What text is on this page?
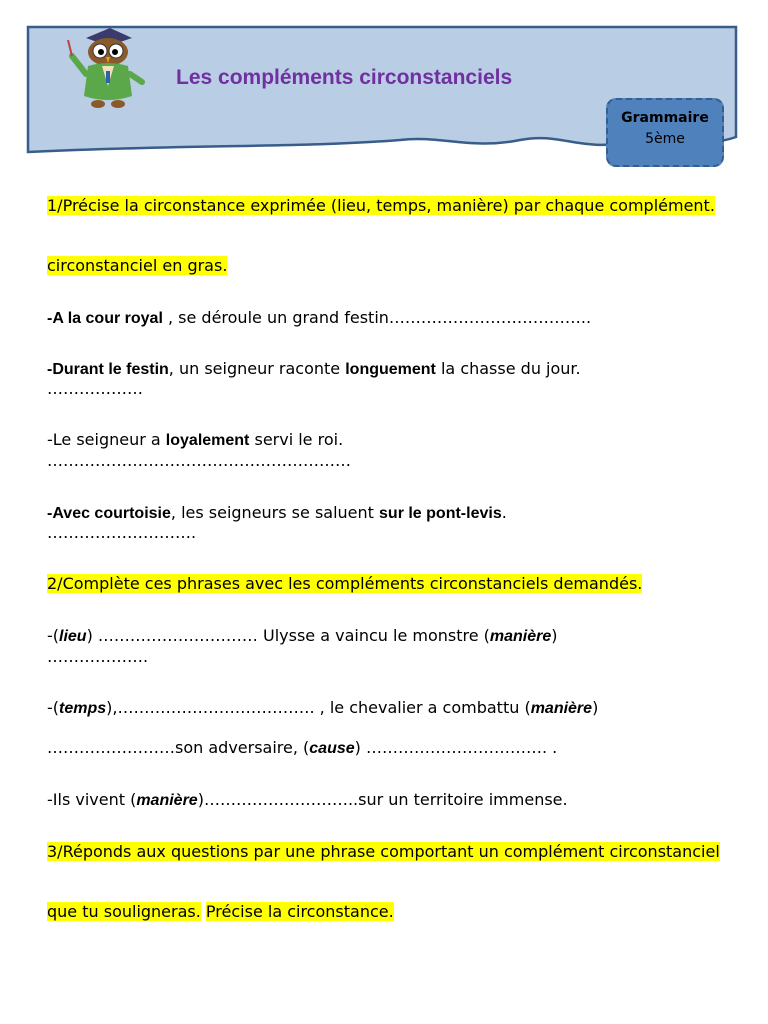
Les compléments circonstanciels
Grammaire
5ème

1/Précise la circonstance exprimée (lieu, temps, manière) par chaque complément.

circonstanciel en gras.

-A la cour royal , se déroule un grand festin………………………………..

-Durant le festin, un seigneur raconte longuement la chasse du jour.

………………

-Le seigneur a loyalement servi le roi.

…………………………………………………

-Avec courtoisie, les seigneurs se saluent sur le pont-levis.

……………………….

2/Complète ces phrases avec les compléments circonstanciels demandés.

-(lieu) ………………………… Ulysse a vaincu le monstre (manière)

……………….

-(temps),………………………………. , le chevalier a combattu (manière)

……………………son adversaire, (cause) ……………………………. .

-Ils vivent (manière)………………………..sur un territoire immense.

3/Réponds aux questions par une phrase comportant un complément circonstanciel

que tu souligneras. Précise la circonstance.
